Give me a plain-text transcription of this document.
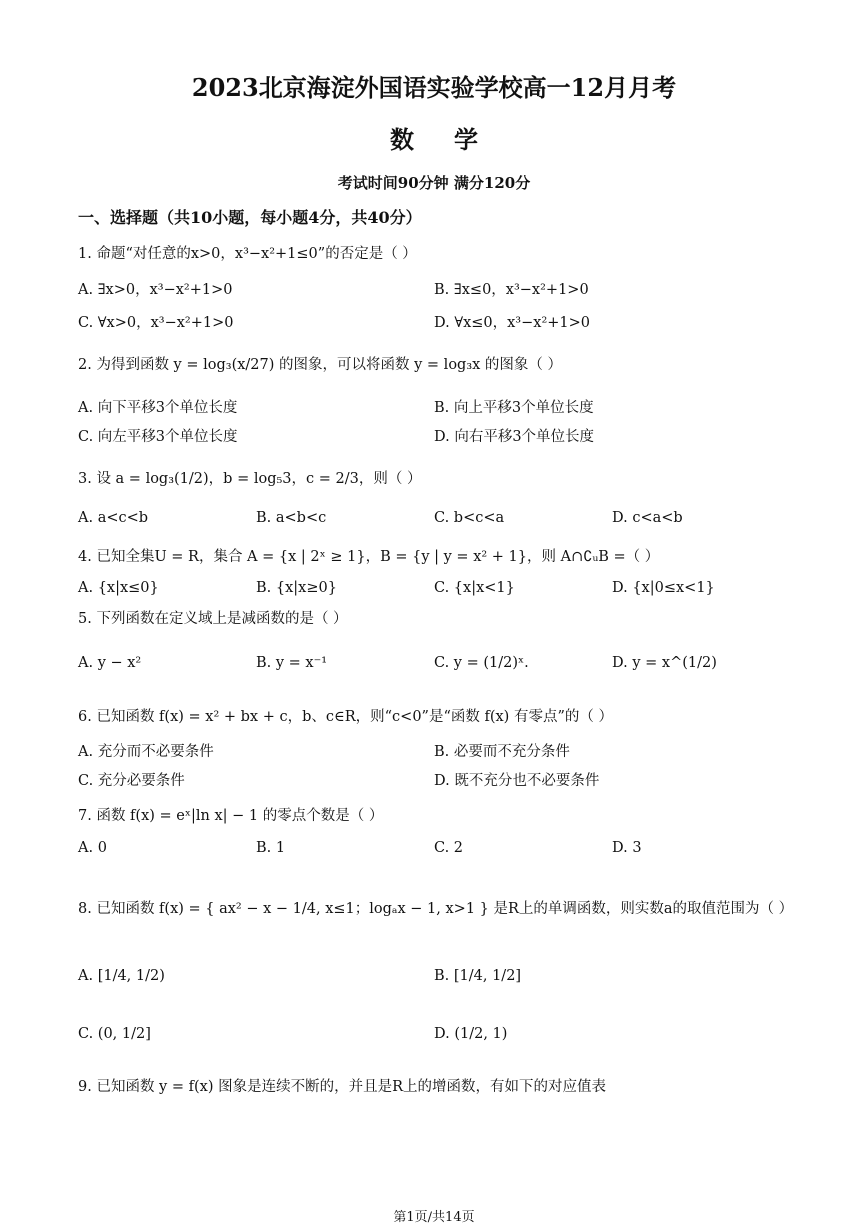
2023北京海淀外国语实验学校高一12月月考
数学
考试时间90分钟 满分120分
一、选择题（共10小题，每小题4分，共40分）
1. 命题“对任意的x>0，x³−x²+1≤0”的否定是（ ）
A. ∃x>0，x³−x²+1>0	B. ∃x≤0，x³−x²+1>0
C. ∀x>0，x³−x²+1>0	D. ∀x≤0，x³−x²+1>0
2. 为得到函数 y = log₃(x/27) 的图象，可以将函数 y = log₃x 的图象（ ）
A. 向下平移3个单位长度	B. 向上平移3个单位长度
C. 向左平移3个单位长度	D. 向右平移3个单位长度
3. 设 a = log₃(1/2)，b = log₅3，c = 2/3，则（ ）
A. a<c<b	B. a<b<c	C. b<c<a	D. c<a<b
4. 已知全集U = R，集合 A = {x | 2ˣ ≥ 1}，B = {y | y = x² + 1}，则 A∩∁ᵤB =（ ）
A. {x|x≤0}	B. {x|x≥0}	C. {x|x<1}	D. {x|0≤x<1}
5. 下列函数在定义域上是减函数的是（ ）
A. y − x²	B. y = x⁻¹	C. y = (1/2)ˣ.	D. y = x^(1/2)
6. 已知函数 f(x) = x² + bx + c，b、c∈R，则“c<0”是“函数 f(x) 有零点”的（ ）
A. 充分而不必要条件	B. 必要而不充分条件
C. 充分必要条件	D. 既不充分也不必要条件
7. 函数 f(x) = eˣ|ln x| − 1 的零点个数是（ ）
A. 0	B. 1	C. 2	D. 3
8. 已知函数 f(x) = { ax² − x − 1/4, x≤1；logₐx − 1, x>1 } 是R上的单调函数，则实数a的取值范围为（ ）
A. [1/4, 1/2)	B. [1/4, 1/2]
C. (0, 1/2]	D. (1/2, 1)
9. 已知函数 y = f(x) 图象是连续不断的，并且是R上的增函数，有如下的对应值表
第1页/共14页
